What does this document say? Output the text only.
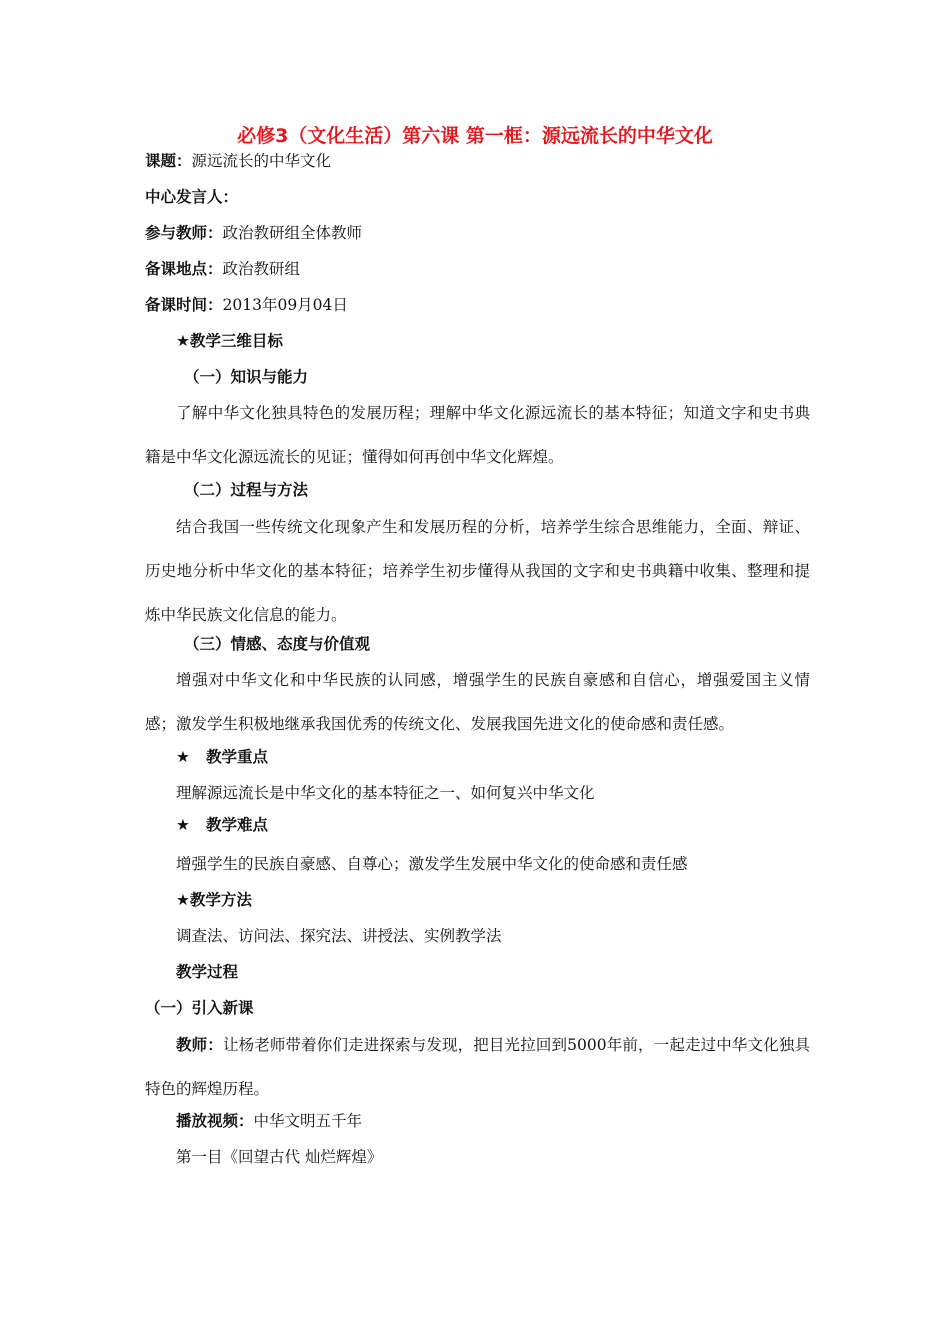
必修3（文化生活）第六课 第一框：源远流长的中华文化
课题：源远流长的中华文化
中心发言人：
参与教师：政治教研组全体教师
备课地点：政治教研组
备课时间：2013年09月04日
★教学三维目标
（一）知识与能力
了解中华文化独具特色的发展历程；理解中华文化源远流长的基本特征；知道文字和史书典籍是中华文化源远流长的见证；懂得如何再创中华文化辉煌。
（二）过程与方法
结合我国一些传统文化现象产生和发展历程的分析，培养学生综合思维能力，全面、辩证、历史地分析中华文化的基本特征；培养学生初步懂得从我国的文字和史书典籍中收集、整理和提炼中华民族文化信息的能力。
（三）情感、态度与价值观
增强对中华文化和中华民族的认同感，增强学生的民族自豪感和自信心，增强爱国主义情感；激发学生积极地继承我国优秀的传统文化、发展我国先进文化的使命感和责任感。
★ 教学重点
理解源远流长是中华文化的基本特征之一、如何复兴中华文化
★ 教学难点
增强学生的民族自豪感、自尊心；激发学生发展中华文化的使命感和责任感
★教学方法
调查法、访问法、探究法、讲授法、实例教学法
教学过程
（一）引入新课
教师：让杨老师带着你们走进探索与发现，把目光拉回到5000年前，一起走过中华文化独具特色的辉煌历程。
播放视频：中华文明五千年
第一目《回望古代 灿烂辉煌》
